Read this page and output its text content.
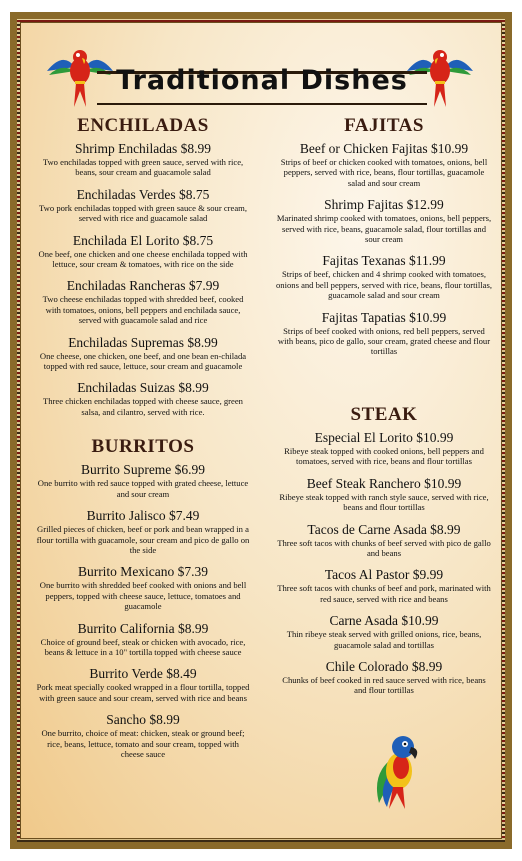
Traditional Dishes
ENCHILADAS
Shrimp Enchiladas $8.99
Two enchiladas topped with green sauce, served with rice, beans, sour cream and guacamole salad
Enchiladas Verdes $8.75
Two pork enchiladas topped with green sauce & sour cream, served with rice and guacamole salad
Enchilada El Lorito $8.75
One beef, one chicken and one cheese enchilada topped with lettuce, sour cream & tomatoes, with rice on the side
Enchiladas Rancheras $7.99
Two cheese enchiladas topped with shredded beef, cooked with tomatoes, onions, bell peppers and enchilada sauce, served with guacamole salad and rice
Enchiladas Supremas $8.99
One cheese, one chicken, one beef, and one bean en-chilada topped with red sauce, lettuce, sour cream and guacamole
Enchiladas Suizas $8.99
Three chicken enchiladas topped with cheese sauce, green salsa, and cilantro, served with rice.
BURRITOS
Burrito Supreme $6.99
One burrito with red sauce topped with grated cheese, lettuce and sour cream
Burrito Jalisco $7.49
Grilled pieces of chicken, beef or pork and bean wrapped in a flour tortilla with guacamole, sour cream and pico de gallo on the side
Burrito Mexicano $7.39
One burrito with shredded beef cooked with onions and bell peppers, topped with cheese sauce, lettuce, tomatoes and guacamole
Burrito California $8.99
Choice of ground beef, steak or chicken with avocado, rice, beans & lettuce in a 10" tortilla topped with cheese sauce
Burrito Verde $8.49
Pork meat specially cooked wrapped in a flour tortilla, topped with green sauce and sour cream, served with rice and beans
Sancho $8.99
One burrito, choice of meat: chicken, steak or ground beef; rice, beans, lettuce, tomato and sour cream, topped with cheese sauce
FAJITAS
Beef or Chicken Fajitas $10.99
Strips of beef or chicken cooked with tomatoes, onions, bell peppers, served with rice, beans, flour tortillas, guacamole salad and sour cream
Shrimp Fajitas $12.99
Marinated shrimp cooked with tomatoes, onions, bell peppers, served with rice, beans, guacamole salad, flour tortillas and sour cream
Fajitas Texanas $11.99
Strips of beef, chicken and 4 shrimp cooked with tomatoes, onions and bell peppers, served with rice, beans, flour tortillas, guacamole salad and sour cream
Fajitas Tapatias $10.99
Strips of beef cooked with onions, red bell peppers, served with beans, pico de gallo, sour cream, grated cheese and flour tortillas
STEAK
Especial El Lorito $10.99
Ribeye steak topped with cooked onions, bell peppers and tomatoes, served with rice, beans and flour tortillas
Beef Steak Ranchero $10.99
Ribeye steak topped with ranch style sauce, served with rice, beans and flour tortillas
Tacos de Carne Asada $8.99
Three soft tacos with chunks of beef served with pico de gallo and beans
Tacos Al Pastor $9.99
Three soft tacos with chunks of beef and pork, marinated with red sauce, served with rice and beans
Carne Asada $10.99
Thin ribeye steak served with grilled onions, rice, beans, guacamole salad and tortillas
Chile Colorado $8.99
Chunks of beef cooked in red sauce served with rice, beans and flour tortillas
